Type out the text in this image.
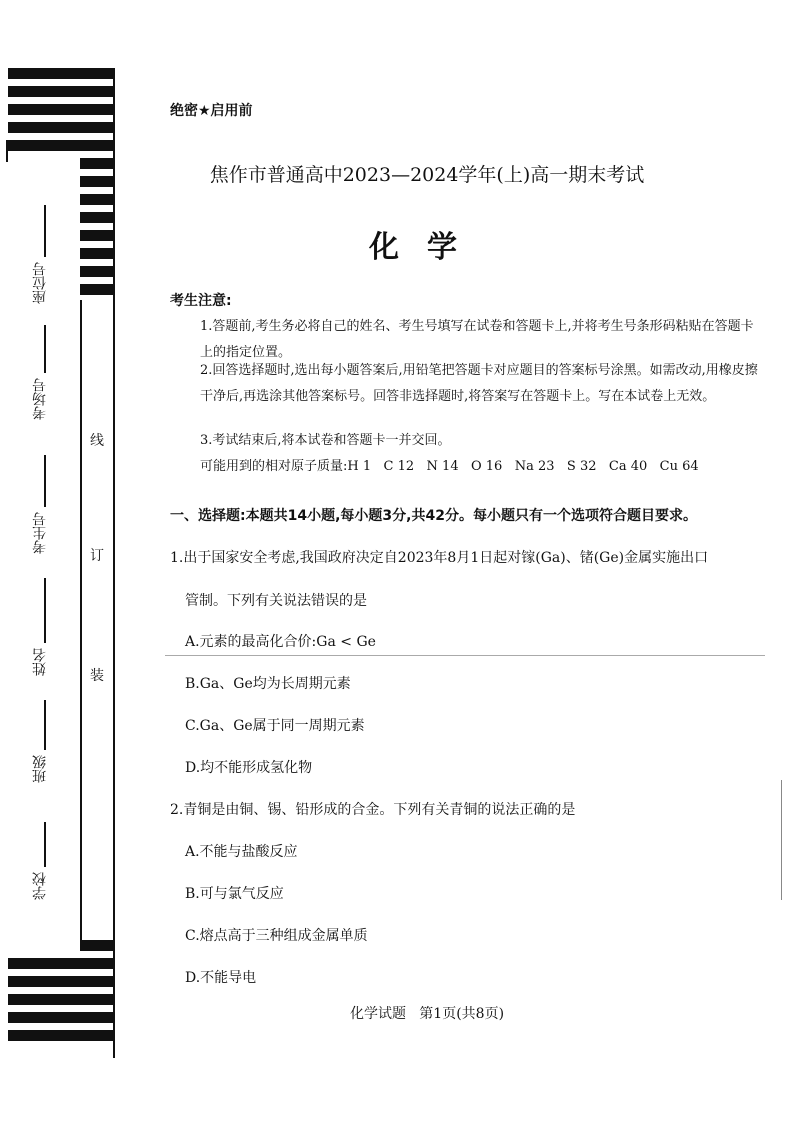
座位号
考场号
考生号
姓名
班级
学校
线
订
装
绝密★启用前
焦作市普通高中2023—2024学年(上)高一期末考试
化学
考生注意:
1.答题前,考生务必将自己的姓名、考生号填写在试卷和答题卡上,并将考生号条形码粘贴在答题卡上的指定位置。
2.回答选择题时,选出每小题答案后,用铅笔把答题卡对应题目的答案标号涂黑。如需改动,用橡皮擦干净后,再选涂其他答案标号。回答非选择题时,将答案写在答题卡上。写在本试卷上无效。
3.考试结束后,将本试卷和答题卡一并交回。
可能用到的相对原子质量:H 1   C 12   N 14   O 16   Na 23   S 32   Ca 40   Cu 64
一、选择题:本题共14小题,每小题3分,共42分。每小题只有一个选项符合题目要求。
1.出于国家安全考虑,我国政府决定自2023年8月1日起对镓(Ga)、锗(Ge)金属实施出口
管制。下列有关说法错误的是
A.元素的最高化合价:Ga < Ge
B.Ga、Ge均为长周期元素
C.Ga、Ge属于同一周期元素
D.均不能形成氢化物
2.青铜是由铜、锡、铅形成的合金。下列有关青铜的说法正确的是
A.不能与盐酸反应
B.可与氯气反应
C.熔点高于三种组成金属单质
D.不能导电
化学试题   第1页(共8页)
